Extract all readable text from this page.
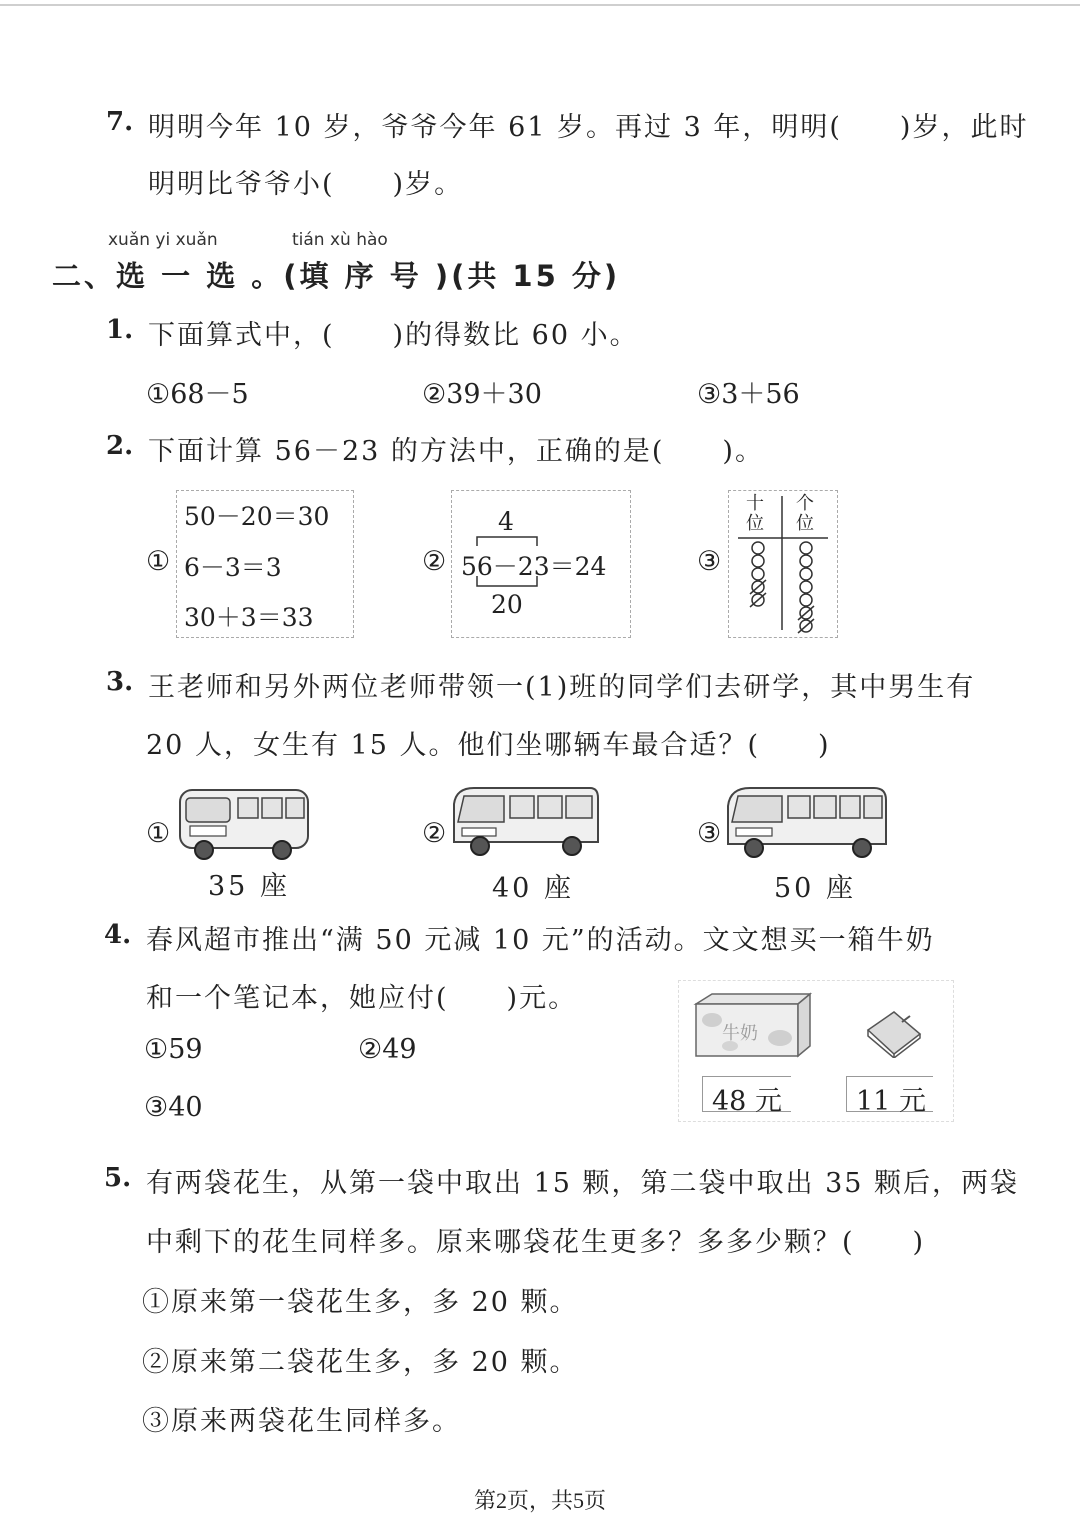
7. 明明今年 10 岁，爷爷今年 61 岁。再过 3 年，明明(　　)岁，此时
明明比爷爷小(　　)岁。
xuǎn yi xuǎn	tián xù hào
二、选 一 选 。(填 序 号 )(共 15 分)
1. 下面算式中，(　　)的得数比 60 小。
①68－5	②39＋30	③3＋56
2. 下面计算 56－23 的方法中，正确的是(　　)。
①
50－20＝30
6－3＝3
30＋3＝33
②
4
56－23＝24
20
③
十位
个位
3. 王老师和另外两位老师带领一(1)班的同学们去研学，其中男生有
20 人，女生有 15 人。他们坐哪辆车最合适？(　　)
①
35 座
②
40 座
③
50 座
4. 春风超市推出“满 50 元减 10 元”的活动。文文想买一箱牛奶
和一个笔记本，她应付(　　)元。
①59	②49
③40
牛奶
48 元	11 元
5. 有两袋花生，从第一袋中取出 15 颗，第二袋中取出 35 颗后，两袋
中剩下的花生同样多。原来哪袋花生更多？多多少颗？(　　)
①原来第一袋花生多，多 20 颗。
②原来第二袋花生多，多 20 颗。
③原来两袋花生同样多。
第2页，共5页
